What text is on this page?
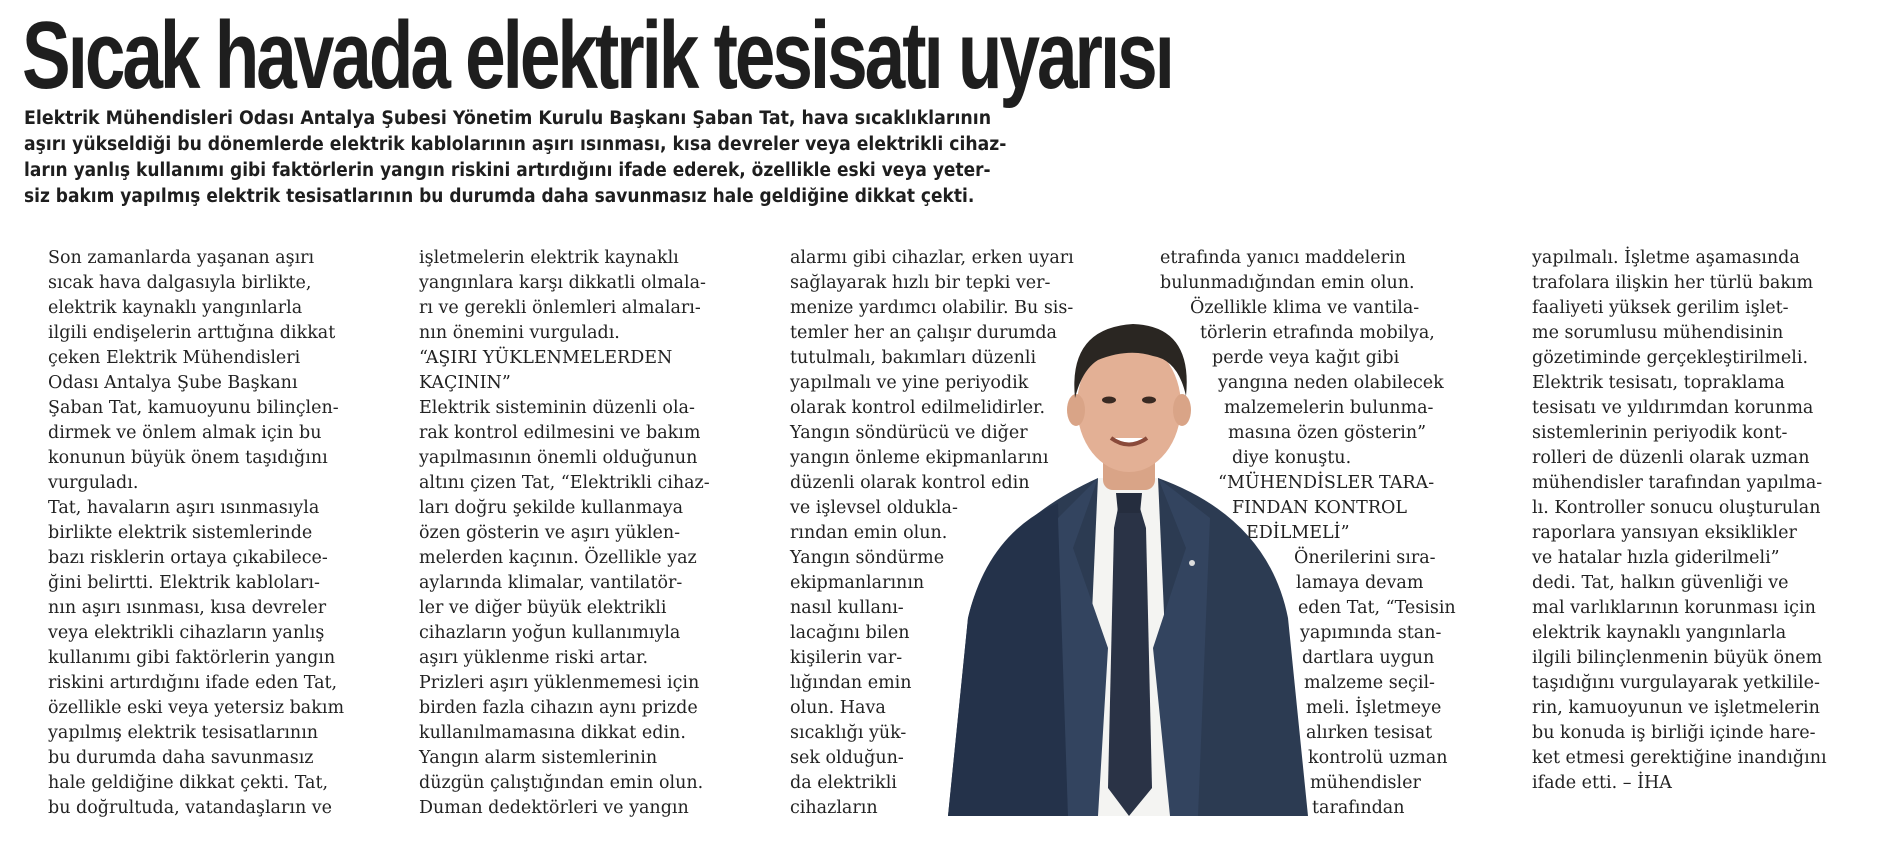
Sıcak havada elektrik tesisatı uyarısı
Elektrik Mühendisleri Odası Antalya Şubesi Yönetim Kurulu Başkanı Şaban Tat, hava sıcaklıklarının
aşırı yükseldiği bu dönemlerde elektrik kablolarının aşırı ısınması, kısa devreler veya elektrikli cihaz-
ların yanlış kullanımı gibi faktörlerin yangın riskini artırdığını ifade ederek, özellikle eski veya yeter-
siz bakım yapılmış elektrik tesisatlarının bu durumda daha savunmasız hale geldiğine dikkat çekti.
Son zamanlarda yaşanan aşırı
sıcak hava dalgasıyla birlikte,
elektrik kaynaklı yangınlarla
ilgili endişelerin arttığına dikkat
çeken Elektrik Mühendisleri
Odası Antalya Şube Başkanı
Şaban Tat, kamuoyunu bilinçlen-
dirmek ve önlem almak için bu
konunun büyük önem taşıdığını
vurguladı.
Tat, havaların aşırı ısınmasıyla
birlikte elektrik sistemlerinde
bazı risklerin ortaya çıkabilece-
ğini belirtti. Elektrik kabloları-
nın aşırı ısınması, kısa devreler
veya elektrikli cihazların yanlış
kullanımı gibi faktörlerin yangın
riskini artırdığını ifade eden Tat,
özellikle eski veya yetersiz bakım
yapılmış elektrik tesisatlarının
bu durumda daha savunmasız
hale geldiğine dikkat çekti. Tat,
bu doğrultuda, vatandaşların ve
işletmelerin elektrik kaynaklı
yangınlara karşı dikkatli olmala-
rı ve gerekli önlemleri almaları-
nın önemini vurguladı.
“AŞIRI YÜKLENMELERDEN
KAÇININ”
Elektrik sisteminin düzenli ola-
rak kontrol edilmesini ve bakım
yapılmasının önemli olduğunun
altını çizen Tat, “Elektrikli cihaz-
ları doğru şekilde kullanmaya
özen gösterin ve aşırı yüklen-
melerden kaçının. Özellikle yaz
aylarında klimalar, vantilatör-
ler ve diğer büyük elektrikli
cihazların yoğun kullanımıyla
aşırı yüklenme riski artar.
Prizleri aşırı yüklenmemesi için
birden fazla cihazın aynı prizde
kullanılmamasına dikkat edin.
Yangın alarm sistemlerinin
düzgün çalıştığından emin olun.
Duman dedektörleri ve yangın
alarmı gibi cihazlar, erken uyarı
sağlayarak hızlı bir tepki ver-
menize yardımcı olabilir. Bu sis-
temler her an çalışır durumda
tutulmalı, bakımları düzenli
yapılmalı ve yine periyodik
olarak kontrol edilmelidirler.
Yangın söndürücü ve diğer
yangın önleme ekipmanlarını
düzenli olarak kontrol edin
ve işlevsel oldukla-
rından emin olun.
Yangın söndürme
ekipmanlarının
nasıl kullanı-
lacağını bilen
kişilerin var-
lığından emin
olun. Hava
sıcaklığı yük-
sek olduğun-
da elektrikli
cihazların
etrafında yanıcı maddelerin
bulunmadığından emin olun.
Özellikle klima ve vantila-
törlerin etrafında mobilya,
perde veya kağıt gibi
yangına neden olabilecek
malzemelerin bulunma-
masına özen gösterin”
diye konuştu.
“MÜHENDİSLER TARA-
FINDAN KONTROL
EDİLMELİ”
Önerilerini sıra-
lamaya devam
eden Tat, “Tesisin
yapımında stan-
dartlara uygun
malzeme seçil-
meli. İşletmeye
alırken tesisat
kontrolü uzman
mühendisler
tarafından
yapılmalı. İşletme aşamasında
trafolara ilişkin her türlü bakım
faaliyeti yüksek gerilim işlet-
me sorumlusu mühendisinin
gözetiminde gerçekleştirilmeli.
Elektrik tesisatı, topraklama
tesisatı ve yıldırımdan korunma
sistemlerinin periyodik kont-
rolleri de düzenli olarak uzman
mühendisler tarafından yapılma-
lı. Kontroller sonucu oluşturulan
raporlara yansıyan eksiklikler
ve hatalar hızla giderilmeli”
dedi. Tat, halkın güvenliği ve
mal varlıklarının korunması için
elektrik kaynaklı yangınlarla
ilgili bilinçlenmenin büyük önem
taşıdığını vurgulayarak yetkilile-
rin, kamuoyunun ve işletmelerin
bu konuda iş birliği içinde hare-
ket etmesi gerektiğine inandığını
ifade etti. – İHA
